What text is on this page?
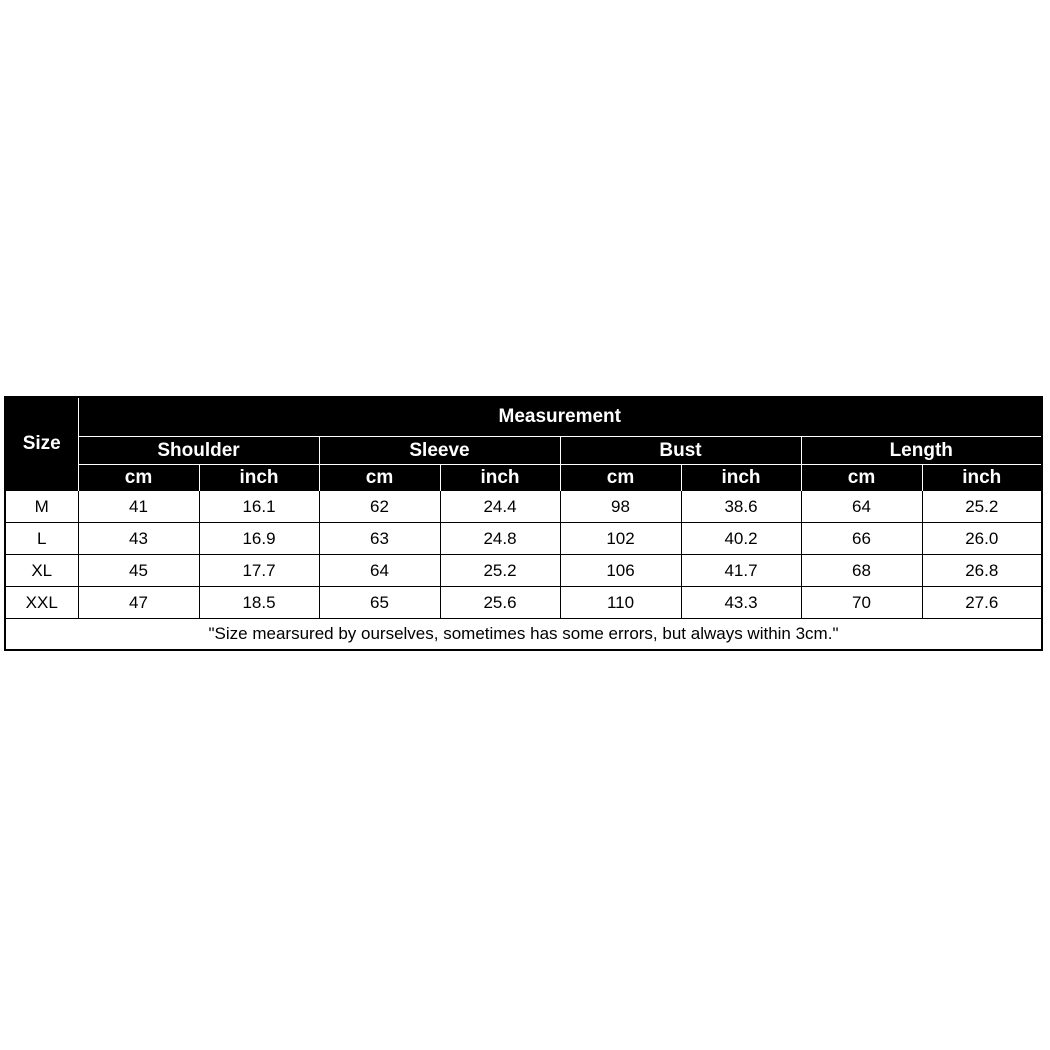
Size	Measurement							
	Shoulder		Sleeve		Bust		Length	
	cm	inch	cm	inch	cm	inch	cm	inch
M	41	16.1	62	24.4	98	38.6	64	25.2
L	43	16.9	63	24.8	102	40.2	66	26.0
XL	45	17.7	64	25.2	106	41.7	68	26.8
XXL	47	18.5	65	25.6	110	43.3	70	27.6
"Size mearsured by ourselves, sometimes has some errors, but always within 3cm."								
